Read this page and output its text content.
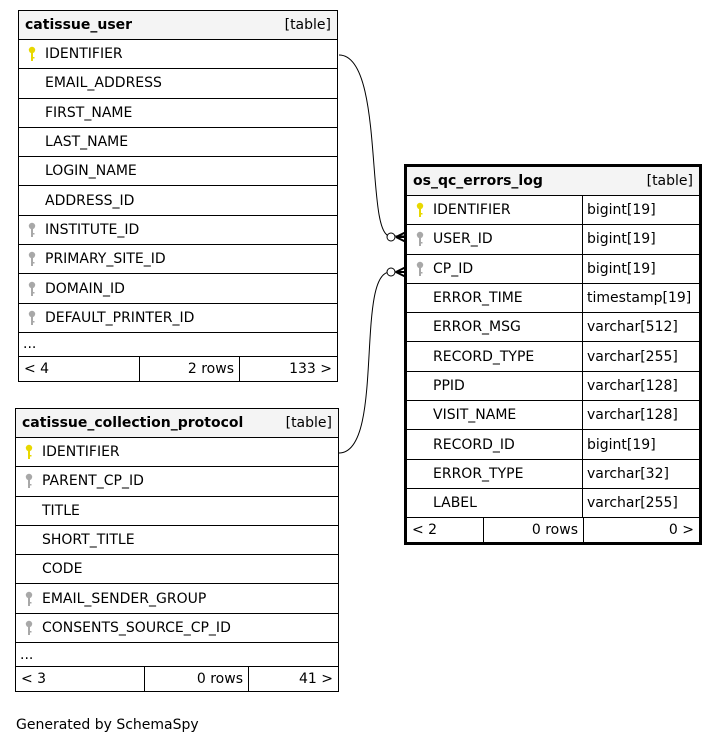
catissue_user	[table]
IDENTIFIER
EMAIL_ADDRESS
FIRST_NAME
LAST_NAME
LOGIN_NAME
ADDRESS_ID
INSTITUTE_ID
PRIMARY_SITE_ID
DOMAIN_ID
DEFAULT_PRINTER_ID
...
< 4	2 rows	133 >
catissue_collection_protocol	[table]
IDENTIFIER
PARENT_CP_ID
TITLE
SHORT_TITLE
CODE
EMAIL_SENDER_GROUP
CONSENTS_SOURCE_CP_ID
...
< 3	0 rows	41 >
os_qc_errors_log	[table]
IDENTIFIER	bigint[19]
USER_ID	bigint[19]
CP_ID	bigint[19]
ERROR_TIME	timestamp[19]
ERROR_MSG	varchar[512]
RECORD_TYPE	varchar[255]
PPID	varchar[128]
VISIT_NAME	varchar[128]
RECORD_ID	bigint[19]
ERROR_TYPE	varchar[32]
LABEL	varchar[255]
< 2	0 rows	0 >
Generated by SchemaSpy
